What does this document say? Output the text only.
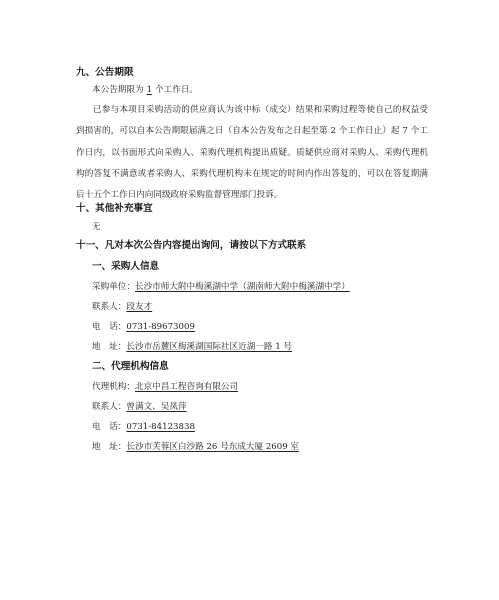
九、公告期限
本公告期限为 1 个工作日。

已参与本项目采购活动的供应商认为该中标（成交）结果和采购过程等使自己的权益受到损害的，可以自本公告期限届满之日（自本公告发布之日起至第 2 个工作日止）起 7 个工作日内，以书面形式向采购人、采购代理机构提出质疑。质疑供应商对采购人、采购代理机构的答复不满意或者采购人、采购代理机构未在规定的时间内作出答复的，可以在答复期满后十五个工作日内向同级政府采购监督管理部门投诉。

十、其他补充事宜
无
十一、凡对本次公告内容提出询问，请按以下方式联系
一、采购人信息
采购单位：长沙市师大附中梅溪湖中学（湖南师大附中梅溪湖中学）
联系人：段友才
电　话：0731-89673009
地　址：长沙市岳麓区梅溪湖国际社区近湖一路 1 号
二、代理机构信息
代理机构：北京中昌工程咨询有限公司
联系人：曾满文、吴凤萍
电　话：0731-84123838
地　址：长沙市芙蓉区白沙路 26 号东成大厦 2609 室
